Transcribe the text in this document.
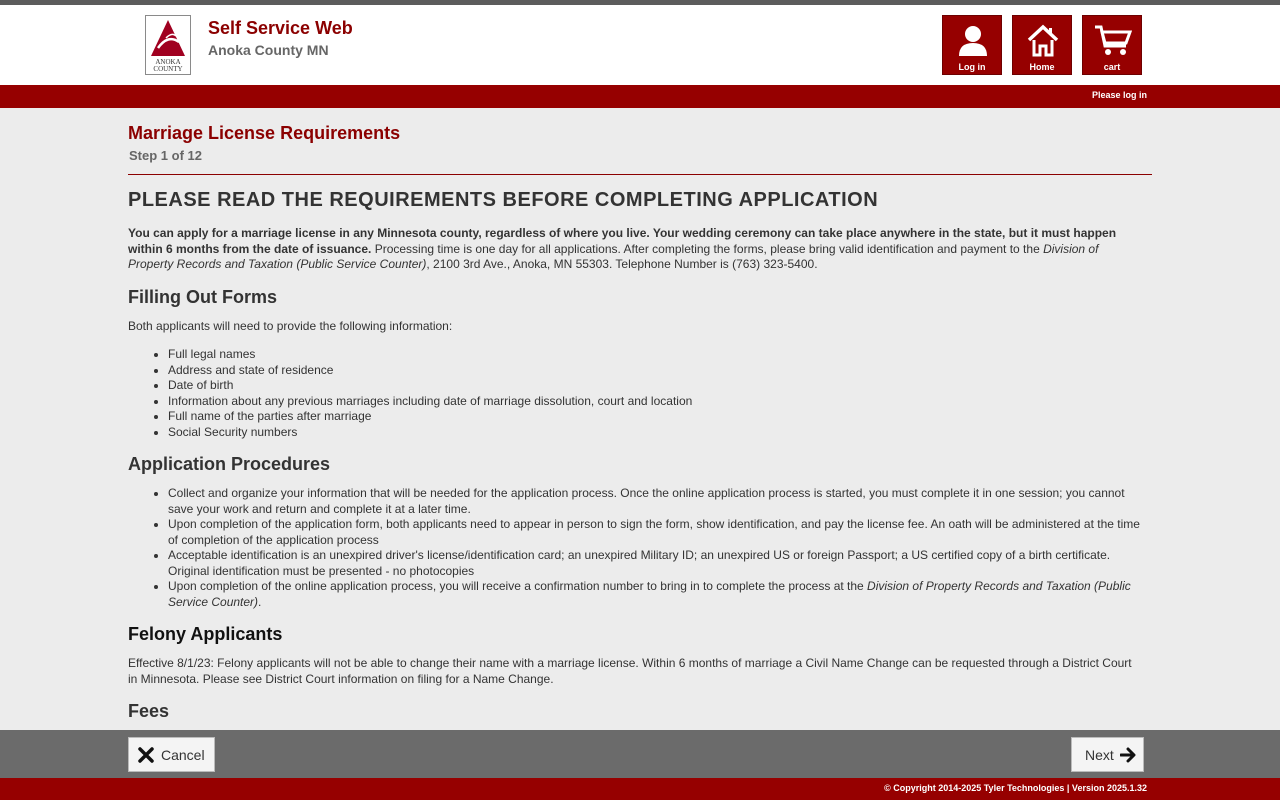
ANOKA
COUNTY
Self Service Web
Anoka County MN
Log in	Home	cart
Please log in
Marriage License Requirements
Step 1 of 12
PLEASE READ THE REQUIREMENTS BEFORE COMPLETING APPLICATION

You can apply for a marriage license in any Minnesota county, regardless of where you live. Your wedding ceremony can take place anywhere in the state, but it must happen within 6 months from the date of issuance. Processing time is one day for all applications. After completing the forms, please bring valid identification and payment to the Division of Property Records and Taxation (Public Service Counter), 2100 3rd Ave., Anoka, MN 55303. Telephone Number is (763) 323-5400.

Filling Out Forms

Both applicants will need to provide the following information:

• Full legal names
• Address and state of residence
• Date of birth
• Information about any previous marriages including date of marriage dissolution, court and location
• Full name of the parties after marriage
• Social Security numbers
Application Procedures
• Collect and organize your information that will be needed for the application process. Once the online application process is started, you must complete it in one session; you cannot save your work and return and complete it at a later time.
• Upon completion of the application form, both applicants need to appear in person to sign the form, show identification, and pay the license fee. An oath will be administered at the time of completion of the application process
• Acceptable identification is an unexpired driver's license/identification card; an unexpired Military ID; an unexpired US or foreign Passport; a US certified copy of a birth certificate. Original identification must be presented - no photocopies
• Upon completion of the online application process, you will receive a confirmation number to bring in to complete the process at the Division of Property Records and Taxation (Public Service Counter).
Felony Applicants

Effective 8/1/23: Felony applicants will not be able to change their name with a marriage license. Within 6 months of marriage a Civil Name Change can be requested through a District Court in Minnesota. Please see District Court information on filing for a Name Change.

Fees
Cancel	Next
© Copyright 2014-2025 Tyler Technologies | Version 2025.1.32
